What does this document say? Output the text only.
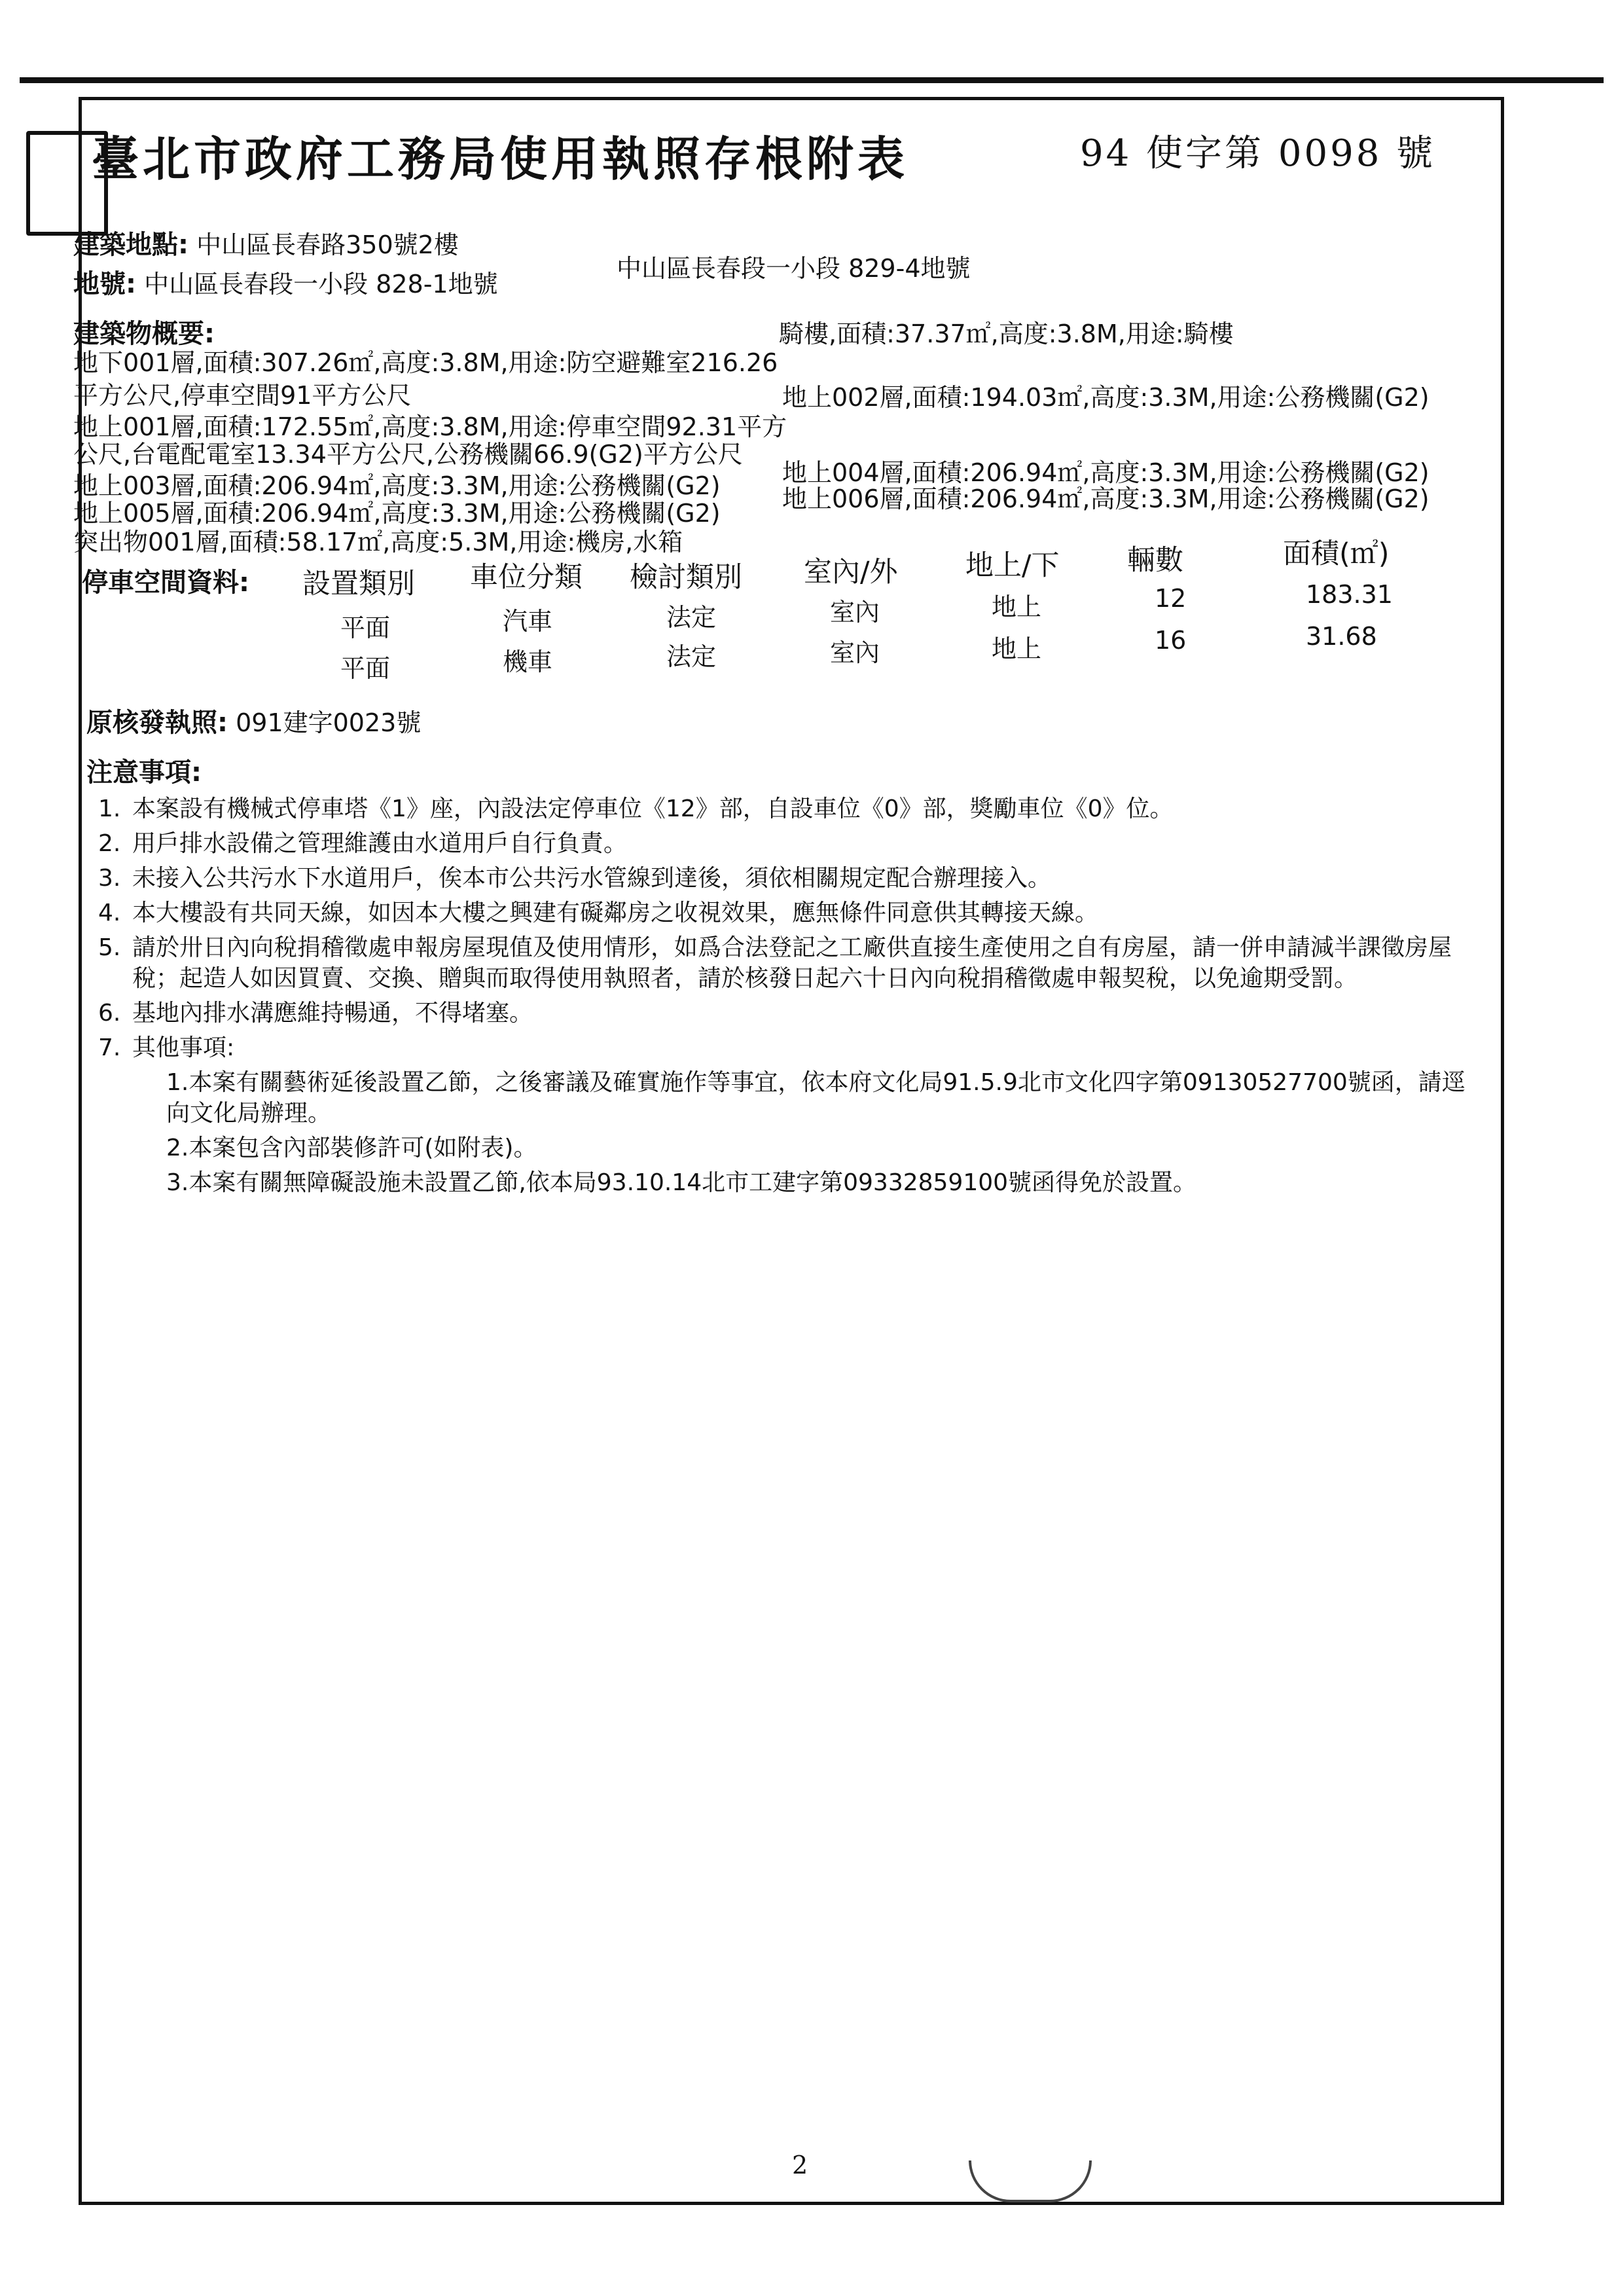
臺北市政府工務局使用執照存根附表	94 使字第 0098 號
建築地點: 中山區長春路350號2樓
地號: 中山區長春段一小段 828-1地號
中山區長春段一小段 829-4地號
建築物概要:
地下001層,面積:307.26㎡,高度:3.8M,用途:防空避難室216.26
騎樓,面積:37.37㎡,高度:3.8M,用途:騎樓
平方公尺,停車空間91平方公尺
地上001層,面積:172.55㎡,高度:3.8M,用途:停車空間92.31平方
地上002層,面積:194.03㎡,高度:3.3M,用途:公務機關(G2)
公尺,台電配電室13.34平方公尺,公務機關66.9(G2)平方公尺
地上003層,面積:206.94㎡,高度:3.3M,用途:公務機關(G2) 地上004層,面積:206.94㎡,高度:3.3M,用途:公務機關(G2)
地上005層,面積:206.94㎡,高度:3.3M,用途:公務機關(G2) 地上006層,面積:206.94㎡,高度:3.3M,用途:公務機關(G2)
突出物001層,面積:58.17㎡,高度:5.3M,用途:機房,水箱
停車空間資料: 設置類別 車位分類 檢討類別 室內/外 地上/下 輛數	面積(㎡)
平面	汽車	法定	室內	地上	12	183.31
平面	機車	法定	室內	地上	16	31.68
原核發執照: 091建字0023號
注意事項:
1. 本案設有機械式停車塔《1》座，內設法定停車位《12》部，自設車位《0》部，獎勵車位《0》位。
2. 用戶排水設備之管理維護由水道用戶自行負責。
3. 未接入公共污水下水道用戶，俟本市公共污水管線到達後，須依相關規定配合辦理接入。
4. 本大樓設有共同天線，如因本大樓之興建有礙鄰房之收視效果，應無條件同意供其轉接天線。
5. 請於卅日內向稅捐稽徵處申報房屋現值及使用情形，如爲合法登記之工廠供直接生產使用之自有房屋，請一併申請減半課徵房屋稅；起造人如因買賣、交換、贈與而取得使用執照者，請於核發日起六十日內向稅捐稽徵處申報契稅，以免逾期受罰。
6. 基地內排水溝應維持暢通，不得堵塞。
7. 其他事項:
1.本案有關藝術延後設置乙節，之後審議及確實施作等事宜，依本府文化局91.5.9北市文化四字第09130527700號函，請逕向文化局辦理。
2.本案包含內部裝修許可(如附表)。
3.本案有關無障礙設施未設置乙節,依本局93.10.14北市工建字第09332859100號函得免於設置。
2
